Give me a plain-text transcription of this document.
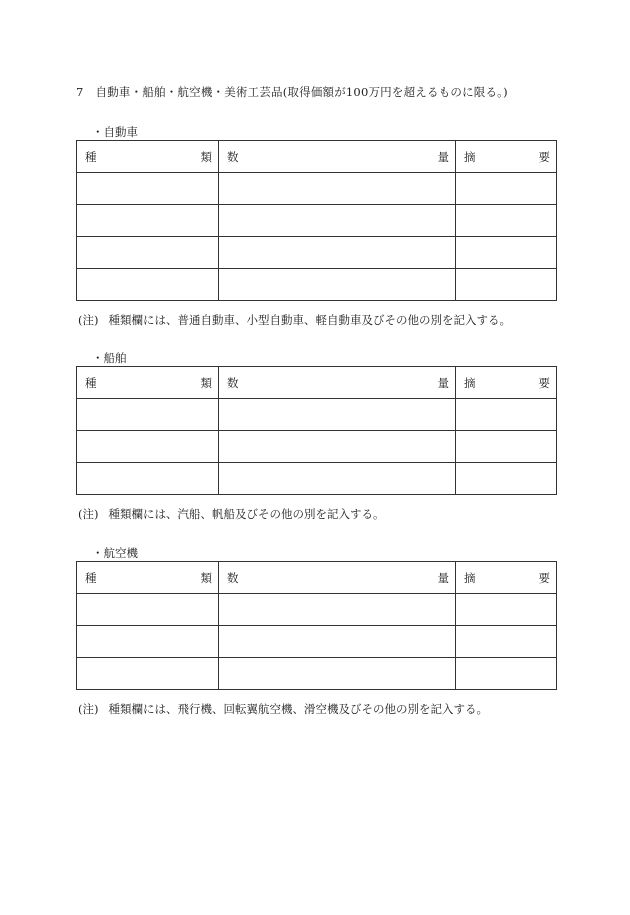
7 自動車・船舶・航空機・美術工芸品(取得価額が100万円を超えるものに限る。)
・自動車
種 類	数 量	摘 要

(注) 種類欄には、普通自動車、小型自動車、軽自動車及びその他の別を記入する。
・船舶
種 類	数 量	摘 要

(注) 種類欄には、汽船、帆船及びその他の別を記入する。
・航空機
種 類	数 量	摘 要

(注) 種類欄には、飛行機、回転翼航空機、滑空機及びその他の別を記入する。
